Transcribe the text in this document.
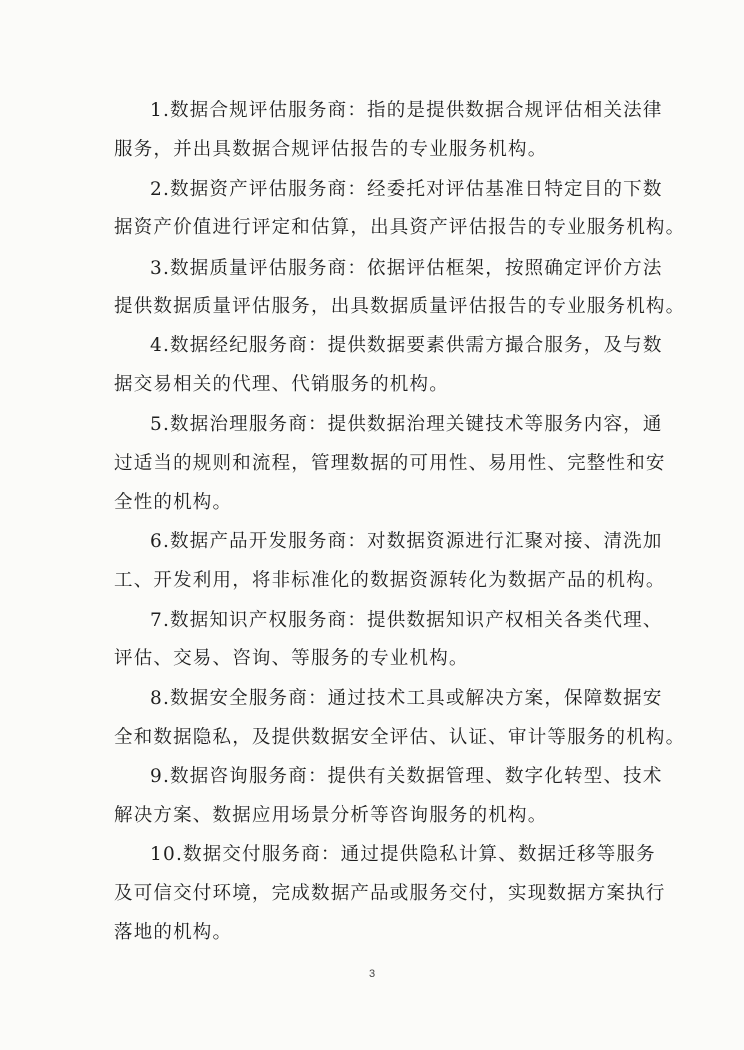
1.数据合规评估服务商：指的是提供数据合规评估相关法律
服务，并出具数据合规评估报告的专业服务机构。
2.数据资产评估服务商：经委托对评估基准日特定目的下数
据资产价值进行评定和估算，出具资产评估报告的专业服务机构。
3.数据质量评估服务商：依据评估框架，按照确定评价方法
提供数据质量评估服务，出具数据质量评估报告的专业服务机构。
4.数据经纪服务商：提供数据要素供需方撮合服务，及与数
据交易相关的代理、代销服务的机构。
5.数据治理服务商：提供数据治理关键技术等服务内容，通
过适当的规则和流程，管理数据的可用性、易用性、完整性和安
全性的机构。
6.数据产品开发服务商：对数据资源进行汇聚对接、清洗加
工、开发利用，将非标准化的数据资源转化为数据产品的机构。
7.数据知识产权服务商：提供数据知识产权相关各类代理、
评估、交易、咨询、等服务的专业机构。
8.数据安全服务商：通过技术工具或解决方案，保障数据安
全和数据隐私，及提供数据安全评估、认证、审计等服务的机构。
9.数据咨询服务商：提供有关数据管理、数字化转型、技术
解决方案、数据应用场景分析等咨询服务的机构。
10.数据交付服务商：通过提供隐私计算、数据迁移等服务
及可信交付环境，完成数据产品或服务交付，实现数据方案执行
落地的机构。
3
